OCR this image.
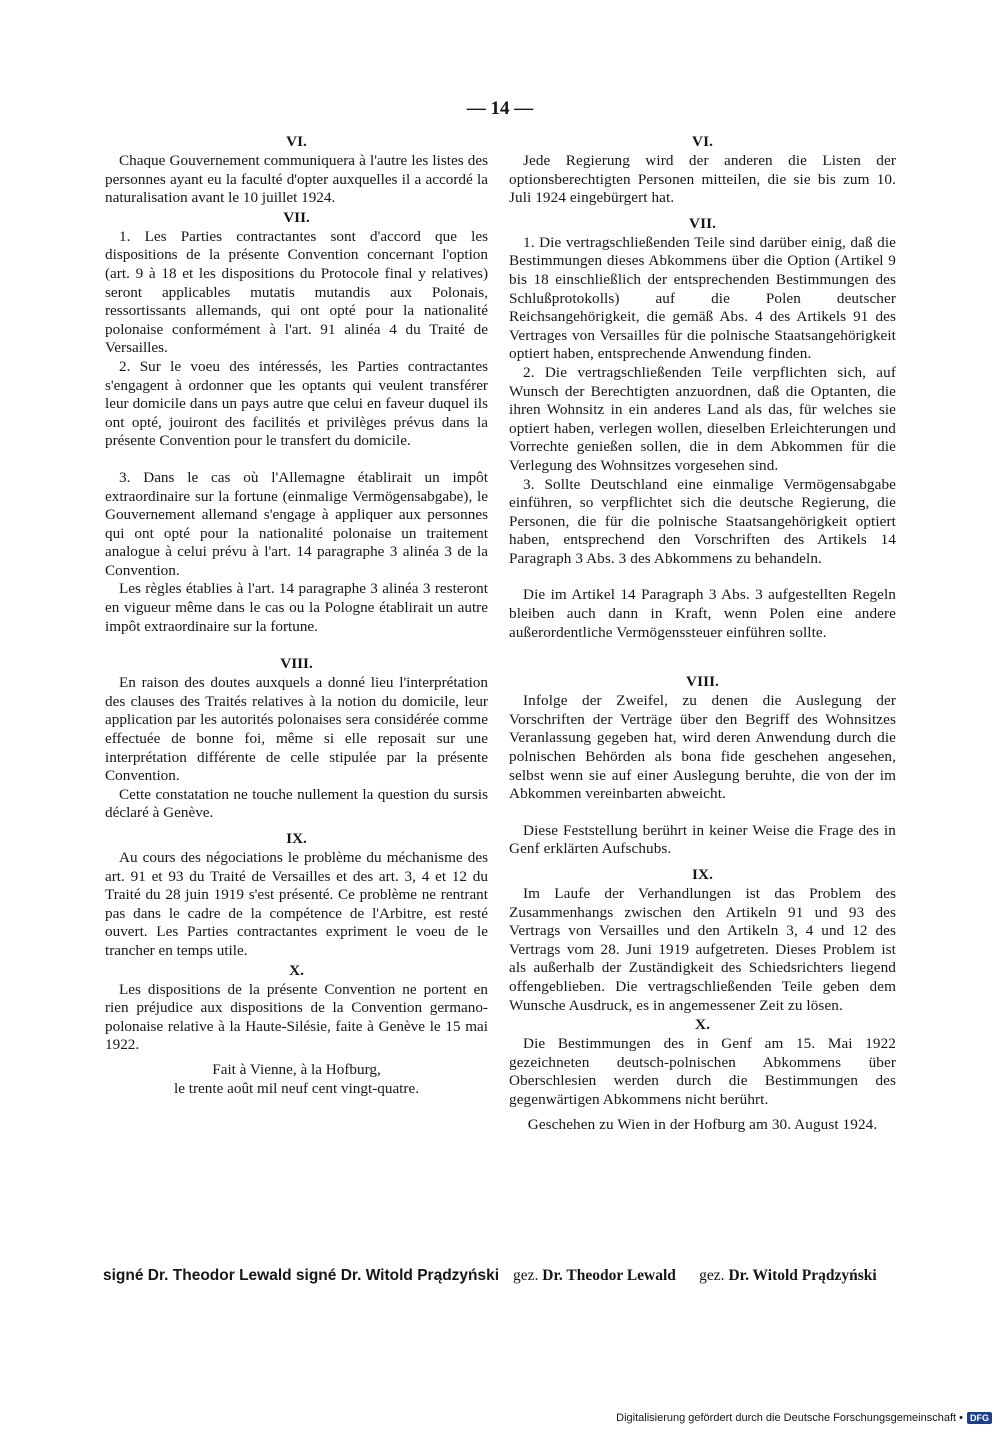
— 14 —
VI.

Chaque Gouvernement communiquera à l'autre les listes des personnes ayant eu la faculté d'opter auxquelles il a accordé la naturalisation avant le 10 juillet 1924.

VII.

1. Les Parties contractantes sont d'accord que les dispositions de la présente Convention concernant l'option (art. 9 à 18 et les dispositions du Protocole final y relatives) seront applicables mutatis mutandis aux Polonais, ressortissants allemands, qui ont opté pour la nationalité polonaise conformément à l'art. 91 alinéa 4 du Traité de Versailles.

2. Sur le voeu des intéressés, les Parties contractantes s'engagent à ordonner que les optants qui veulent transférer leur domicile dans un pays autre que celui en faveur duquel ils ont opté, jouiront des facilités et privilèges prévus dans la présente Convention pour le transfert du domicile.

3. Dans le cas où l'Allemagne établirait un impôt extraordinaire sur la fortune (einmalige Vermögensabgabe), le Gouvernement allemand s'engage à appliquer aux personnes qui ont opté pour la nationalité polonaise un traitement analogue à celui prévu à l'art. 14 paragraphe 3 alinéa 3 de la Convention.

Les règles établies à l'art. 14 paragraphe 3 alinéa 3 resteront en vigueur même dans le cas ou la Pologne établirait un autre impôt extraordinaire sur la fortune.

VIII.

En raison des doutes auxquels a donné lieu l'interprétation des clauses des Traités relatives à la notion du domicile, leur application par les autorités polonaises sera considérée comme effectuée de bonne foi, même si elle reposait sur une interprétation différente de celle stipulée par la présente Convention.

Cette constatation ne touche nullement la question du sursis déclaré à Genève.

IX.

Au cours des négociations le problème du méchanisme des art. 91 et 93 du Traité de Versailles et des art. 3, 4 et 12 du Traité du 28 juin 1919 s'est présenté. Ce problème ne rentrant pas dans le cadre de la compétence de l'Arbitre, est resté ouvert. Les Parties contractantes expriment le voeu de le trancher en temps utile.

X.

Les dispositions de la présente Convention ne portent en rien préjudice aux dispositions de la Convention germano-polonaise relative à la Haute-Silésie, faite à Genève le 15 mai 1922.

Fait à Vienne, à la Hofburg,

le trente août mil neuf cent vingt-quatre.

VI.

Jede Regierung wird der anderen die Listen der optionsberechtigten Personen mitteilen, die sie bis zum 10. Juli 1924 eingebürgert hat.

VII.

1. Die vertragschließenden Teile sind darüber einig, daß die Bestimmungen dieses Abkommens über die Option (Artikel 9 bis 18 einschließlich der entsprechenden Bestimmungen des Schlußprotokolls) auf die Polen deutscher Reichsangehörigkeit, die gemäß Abs. 4 des Artikels 91 des Vertrages von Versailles für die polnische Staatsangehörigkeit optiert haben, entsprechende Anwendung finden.

2. Die vertragschließenden Teile verpflichten sich, auf Wunsch der Berechtigten anzuordnen, daß die Optanten, die ihren Wohnsitz in ein anderes Land als das, für welches sie optiert haben, verlegen wollen, dieselben Erleichterungen und Vorrechte genießen sollen, die in dem Abkommen für die Verlegung des Wohnsitzes vorgesehen sind.

3. Sollte Deutschland eine einmalige Vermögensabgabe einführen, so verpflichtet sich die deutsche Regierung, die Personen, die für die polnische Staatsangehörigkeit optiert haben, entsprechend den Vorschriften des Artikels 14 Paragraph 3 Abs. 3 des Abkommens zu behandeln.

Die im Artikel 14 Paragraph 3 Abs. 3 aufgestellten Regeln bleiben auch dann in Kraft, wenn Polen eine andere außerordentliche Vermögenssteuer einführen sollte.

VIII.

Infolge der Zweifel, zu denen die Auslegung der Vorschriften der Verträge über den Begriff des Wohnsitzes Veranlassung gegeben hat, wird deren Anwendung durch die polnischen Behörden als bona fide geschehen angesehen, selbst wenn sie auf einer Auslegung beruhte, die von der im Abkommen vereinbarten abweicht.

Diese Feststellung berührt in keiner Weise die Frage des in Genf erklärten Aufschubs.

IX.

Im Laufe der Verhandlungen ist das Problem des Zusammenhangs zwischen den Artikeln 91 und 93 des Vertrags von Versailles und den Artikeln 3, 4 und 12 des Vertrags vom 28. Juni 1919 aufgetreten. Dieses Problem ist als außerhalb der Zuständigkeit des Schiedsrichters liegend offengeblieben. Die vertragschließenden Teile geben dem Wunsche Ausdruck, es in angemessener Zeit zu lösen.

X.

Die Bestimmungen des in Genf am 15. Mai 1922 gezeichneten deutsch-polnischen Abkommens über Oberschlesien werden durch die Bestimmungen des gegenwärtigen Abkommens nicht berührt.

Geschehen zu Wien in der Hofburg am 30. August 1924.

signé Dr. Theodor Lewald signé Dr. Witold Prądzyński gez. Dr. Theodor Lewald gez. Dr. Witold Prądzyński
Digitalisierung gefördert durch die Deutsche Forschungsgemeinschaft • DFG
